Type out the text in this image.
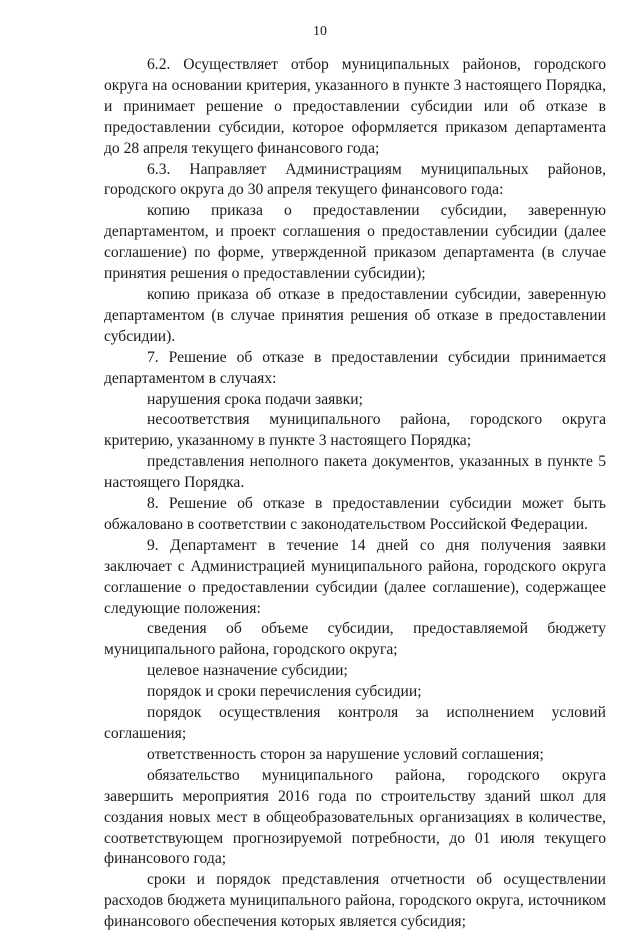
10

6.2. Осуществляет отбор муниципальных районов, городского округа на основании критерия, указанного в пункте 3 настоящего Порядка, и принимает решение о предоставлении субсидии или об отказе в предоставлении субсидии, которое оформляется приказом департамента до 28 апреля текущего финансового года;

6.3. Направляет Администрациям муниципальных районов, городского округа до 30 апреля текущего финансового года:

копию приказа о предоставлении субсидии, заверенную департаментом, и проект соглашения о предоставлении субсидии (далее соглашение) по форме, утвержденной приказом департамента (в случае принятия решения о предоставлении субсидии);

копию приказа об отказе в предоставлении субсидии, заверенную департаментом (в случае принятия решения об отказе в предоставлении субсидии).

7. Решение об отказе в предоставлении субсидии принимается департаментом в случаях:

нарушения срока подачи заявки;

несоответствия муниципального района, городского округа критерию, указанному в пункте 3 настоящего Порядка;

представления неполного пакета документов, указанных в пункте 5 настоящего Порядка.

8. Решение об отказе в предоставлении субсидии может быть обжаловано в соответствии с законодательством Российской Федерации.

9. Департамент в течение 14 дней со дня получения заявки заключает с Администрацией муниципального района, городского округа соглашение о предоставлении субсидии (далее соглашение), содержащее следующие положения:

сведения об объеме субсидии, предоставляемой бюджету муниципального района, городского округа;

целевое назначение субсидии;

порядок и сроки перечисления субсидии;

порядок осуществления контроля за исполнением условий соглашения;

ответственность сторон за нарушение условий соглашения;

обязательство муниципального района, городского округа завершить мероприятия 2016 года по строительству зданий школ для создания новых мест в общеобразовательных организациях в количестве, соответствующем прогнозируемой потребности, до 01 июля текущего финансового года;

сроки и порядок представления отчетности об осуществлении расходов бюджета муниципального района, городского округа, источником финансового обеспечения которых является субсидия;
